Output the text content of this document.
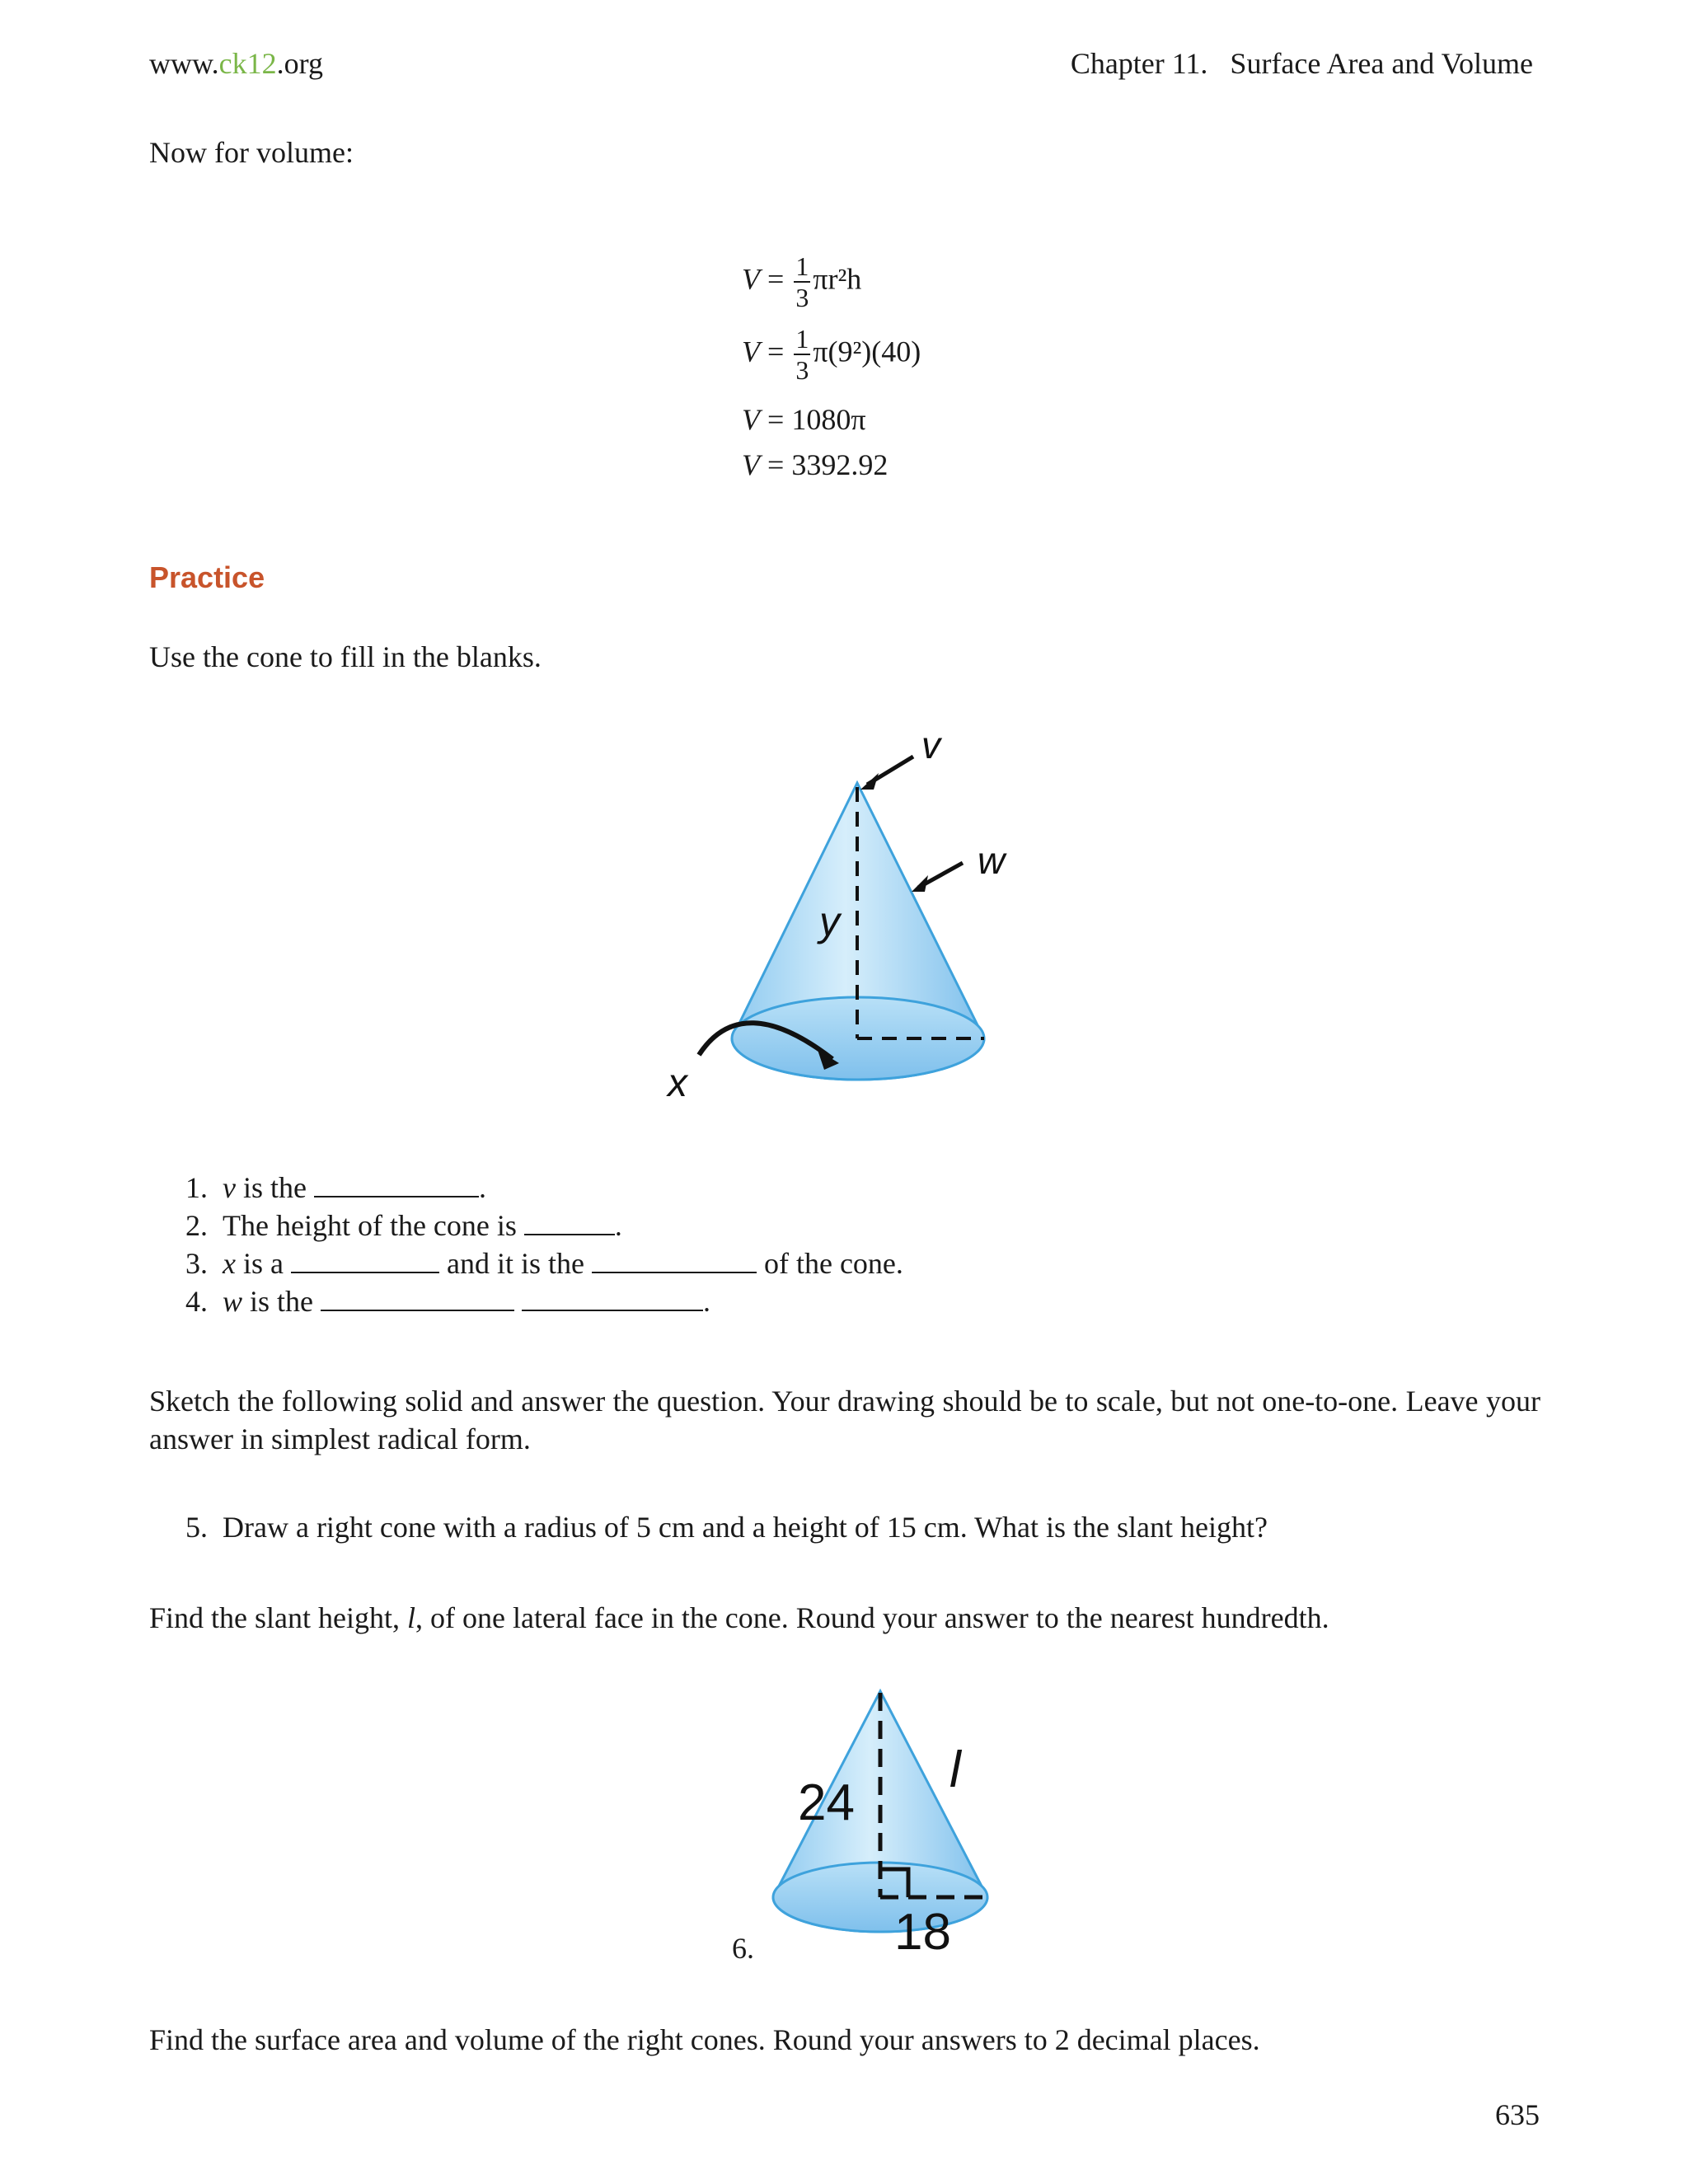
www.ck12.org	Chapter 11.   Surface Area and Volume
Now for volume:
$V = \frac{1}{3} \pi r^2h$
$V = \frac{1}{3} \pi(9^2)(40)$
V = 1080π
V = 3392.92
Practice
Use the cone to fill in the blanks.
v
w
y
x
1. v is the	.
2. The height of the cone is	.
3. x is a	and it is the	of the cone.
4. w is the	.
Sketch the following solid and answer the question. Your drawing should be to scale, but not one-to-one. Leave your answer in simplest radical form.
5. Draw a right cone with a radius of 5 cm and a height of 15 cm. What is the slant height?
Find the slant height, l, of one lateral face in the cone. Round your answer to the nearest hundredth.
6.
24
18
l
Find the surface area and volume of the right cones. Round your answers to 2 decimal places.
635
